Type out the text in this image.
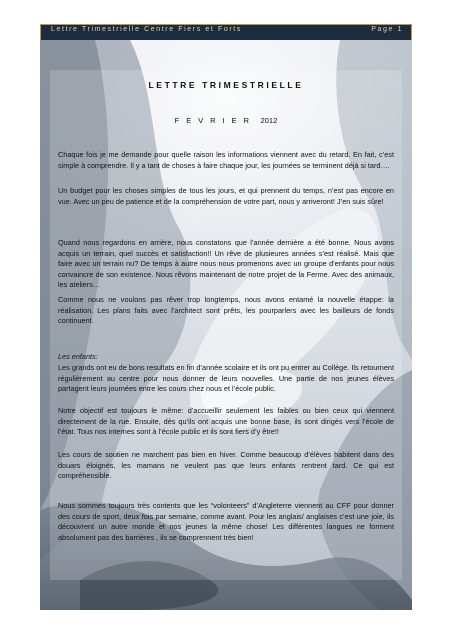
Lettre Trimestrielle Centre Fiers et Forts	Page 1
LETTRE TRIMESTRIELLE
F E V R I E R 2012

Chaque fois je me demande pour quelle raison les informations viennent avec du retard. En fait, c’est simple à comprendre. Il y a tant de choses à faire chaque jour, les journées se terminent déjà si tard….

Un budget pour les choses simples de tous les jours, et qui prennent du temps, n’est pas encore en vue. Avec un peu de patience et de la compréhension de votre part, nous y arriveront! J’en suis sûre!

Quand nous regardons en arrière, nous constatons que l’année dernière a été bonne. Nous avons acquis un terrain, quel succès et satisfaction!! Un rêve de plusieures années s’est réalisé. Mais que faire avec un terrain nu? De temps à autre nous nous promenons avec un groupe d’enfants pour nous convaincre de son existence. Nous rêvons maintenant de notre projet de la Ferme. Avec des animaux, les ateliers…

Comme nous ne voulons pas rêver trop longtemps, nous avons entamé la nouvelle étappe: la réalisation. Les plans faits avec l’architect sont prêts, les pourparlers avec les bailleurs de fonds continuent.

Les enfants:

Les grands ont eu de bons resultats en fin d’année scolaire et ils ont pu entrer au Collège. Ils retournent régulièrement au centre pour nous donner de leurs nouvelles. Une partie de nos jeunes élèves partagent leurs journées entre les cours chez nous et l’école public.

Notre objectif est toujours le même: d’accueillir seulement les faibles ou bien ceux qui viennent directement de la rue. Ensuite, dès qu’ils ont acquis une bonne base, ils sont dirigés vers l’école de l’état. Tous nos internes sont à l’école public et ils sont fiers d’y être!!

Les cours de soutien ne marchent pas bien en hiver. Comme beaucoup d’élèves habitent dans des douars éloignés, les mamans ne veulent pas que leurs enfants rentrent tard. Ce qui est compréhensible.

Nous sommes toujours très contents que les “volonteers” d’Angleterre viennent au CFF pour donner des cours de sport, deux fois par semaine, comme avant. Pour les anglais/ anglaises c’est une joie, ils découvrent un autre monde et nos jeunes la même chose! Les différentes langues ne forment absolument pas des barrières , ils se comprennent très bien!
